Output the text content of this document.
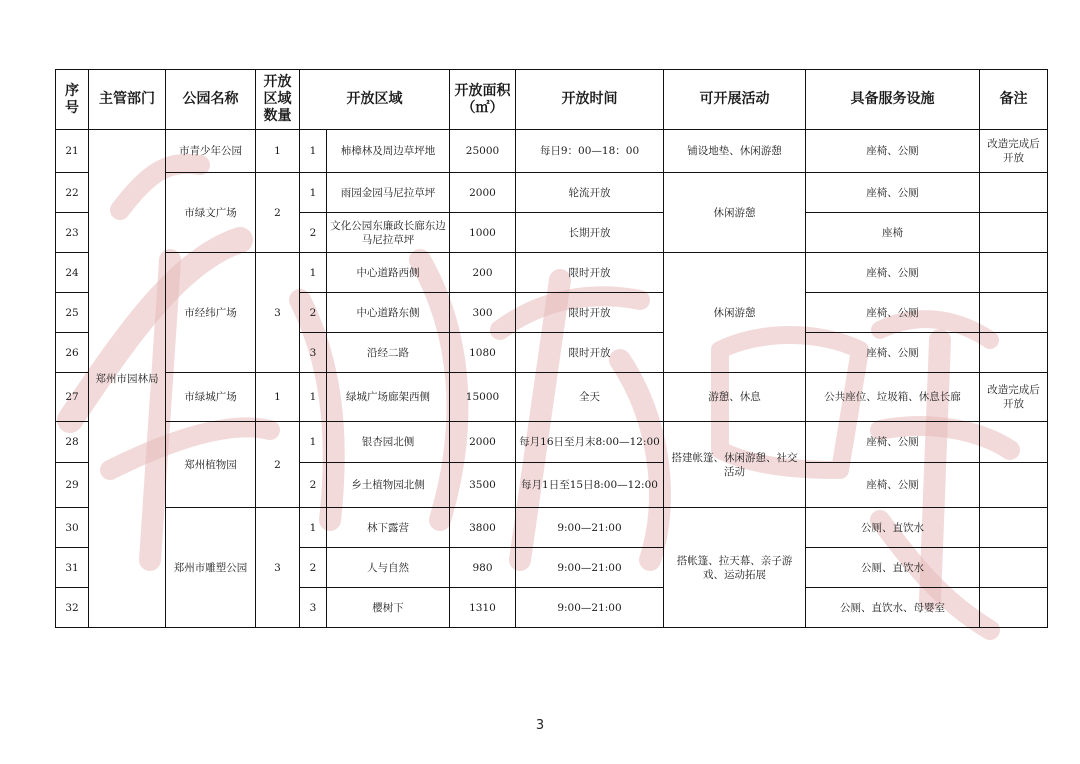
序号	主管部门	公园名称	开放区域数量	开放区域		开放面积（㎡）	开放时间	可开展活动	具备服务设施	备注
21	郑州市园林局	市青少年公园	1	1	柿樟林及周边草坪地	25000	每日9：00—18：00	铺设地垫、休闲游憩	座椅、公厕	改造完成后开放
22		市绿文广场	2	1	雨园金园马尼拉草坪	2000	轮流开放	休闲游憩	座椅、公厕	
23				2	文化公园东廉政长廊东边马尼拉草坪	1000	长期开放		座椅	
24		市经纬广场	3	1	中心道路西侧	200	限时开放	休闲游憩	座椅、公厕	
25				2	中心道路东侧	300	限时开放		座椅、公厕	
26				3	沿经二路	1080	限时开放		座椅、公厕	
27		市绿城广场	1	1	绿城广场廊架西侧	15000	全天	游憩、休息	公共座位、垃圾箱、休息长廊	改造完成后开放
28		郑州植物园	2	1	银杏园北侧	2000	每月16日至月末8:00—12:00	搭建帐篷、休闲游憩、社交活动	座椅、公厕	
29				2	乡土植物园北侧	3500	每月1日至15日8:00—12:00		座椅、公厕	
30		郑州市雕塑公园	3	1	林下露营	3800	9:00—21:00	搭帐篷、拉天幕、亲子游戏、运动拓展	公厕、直饮水	
31				2	人与自然	980	9:00—21:00		公厕、直饮水	
32				3	樱树下	1310	9:00—21:00		公厕、直饮水、母婴室	
3
